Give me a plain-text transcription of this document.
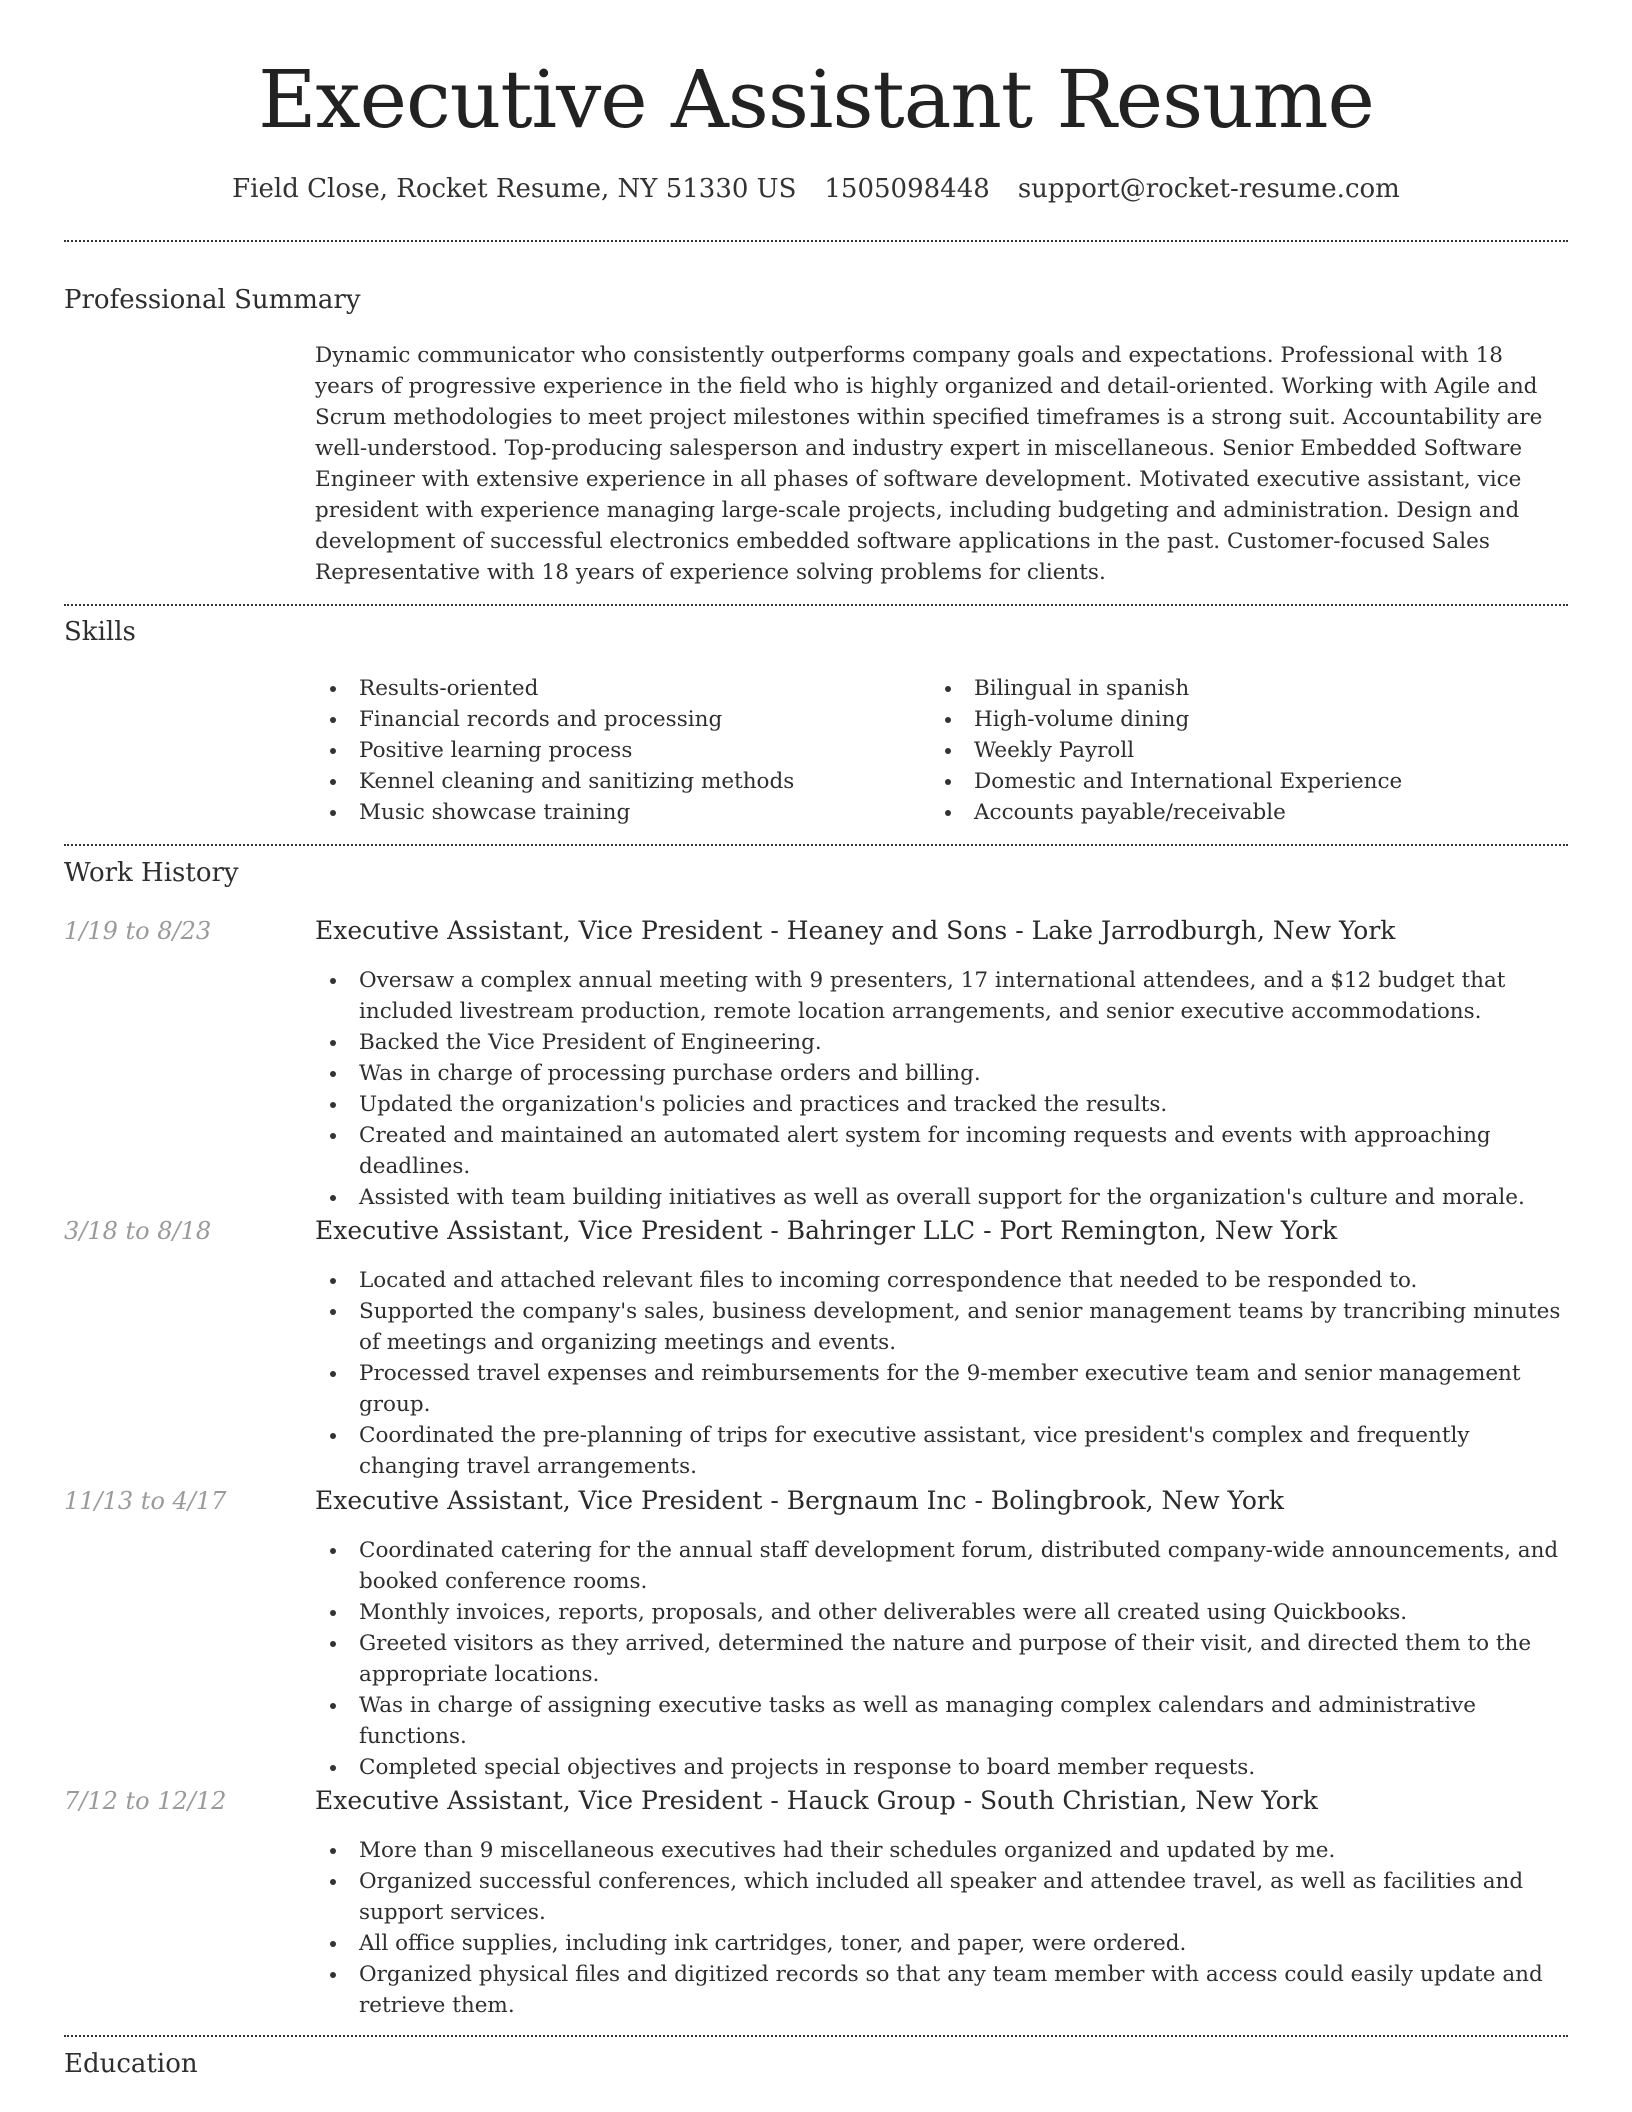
Executive Assistant Resume
Field Close, Rocket Resume, NY 51330 US 1505098448 support@rocket-resume.com
Professional Summary

Dynamic communicator who consistently outperforms company goals and expectations. Professional with 18 years of progressive experience in the field who is highly organized and detail-oriented. Working with Agile and Scrum methodologies to meet project milestones within specified timeframes is a strong suit. Accountability are well-understood. Top-producing salesperson and industry expert in miscellaneous. Senior Embedded Software Engineer with extensive experience in all phases of software development. Motivated executive assistant, vice president with experience managing large-scale projects, including budgeting and administration. Design and development of successful electronics embedded software applications in the past. Customer-focused Sales Representative with 18 years of experience solving problems for clients.

Skills
Results-oriented
Financial records and processing
Positive learning process
Kennel cleaning and sanitizing methods
Music showcase training
Bilingual in spanish
High-volume dining
Weekly Payroll
Domestic and International Experience
Accounts payable/receivable
Work History
1/19 to 8/23	Executive Assistant, Vice President - Heaney and Sons - Lake Jarrodburgh, New York
Oversaw a complex annual meeting with 9 presenters, 17 international attendees, and a $12 budget that included livestream production, remote location arrangements, and senior executive accommodations.
Backed the Vice President of Engineering.
Was in charge of processing purchase orders and billing.
Updated the organization's policies and practices and tracked the results.
Created and maintained an automated alert system for incoming requests and events with approaching deadlines.
Assisted with team building initiatives as well as overall support for the organization's culture and morale.
3/18 to 8/18	Executive Assistant, Vice President - Bahringer LLC - Port Remington, New York
Located and attached relevant files to incoming correspondence that needed to be responded to.
Supported the company's sales, business development, and senior management teams by trancribing minutes of meetings and organizing meetings and events.
Processed travel expenses and reimbursements for the 9-member executive team and senior management group.
Coordinated the pre-planning of trips for executive assistant, vice president's complex and frequently changing travel arrangements.
11/13 to 4/17	Executive Assistant, Vice President - Bergnaum Inc - Bolingbrook, New York
Coordinated catering for the annual staff development forum, distributed company-wide announcements, and booked conference rooms.
Monthly invoices, reports, proposals, and other deliverables were all created using Quickbooks.
Greeted visitors as they arrived, determined the nature and purpose of their visit, and directed them to the appropriate locations.
Was in charge of assigning executive tasks as well as managing complex calendars and administrative functions.
Completed special objectives and projects in response to board member requests.
7/12 to 12/12	Executive Assistant, Vice President - Hauck Group - South Christian, New York
More than 9 miscellaneous executives had their schedules organized and updated by me.
Organized successful conferences, which included all speaker and attendee travel, as well as facilities and support services.
All office supplies, including ink cartridges, toner, and paper, were ordered.
Organized physical files and digitized records so that any team member with access could easily update and retrieve them.
Education
